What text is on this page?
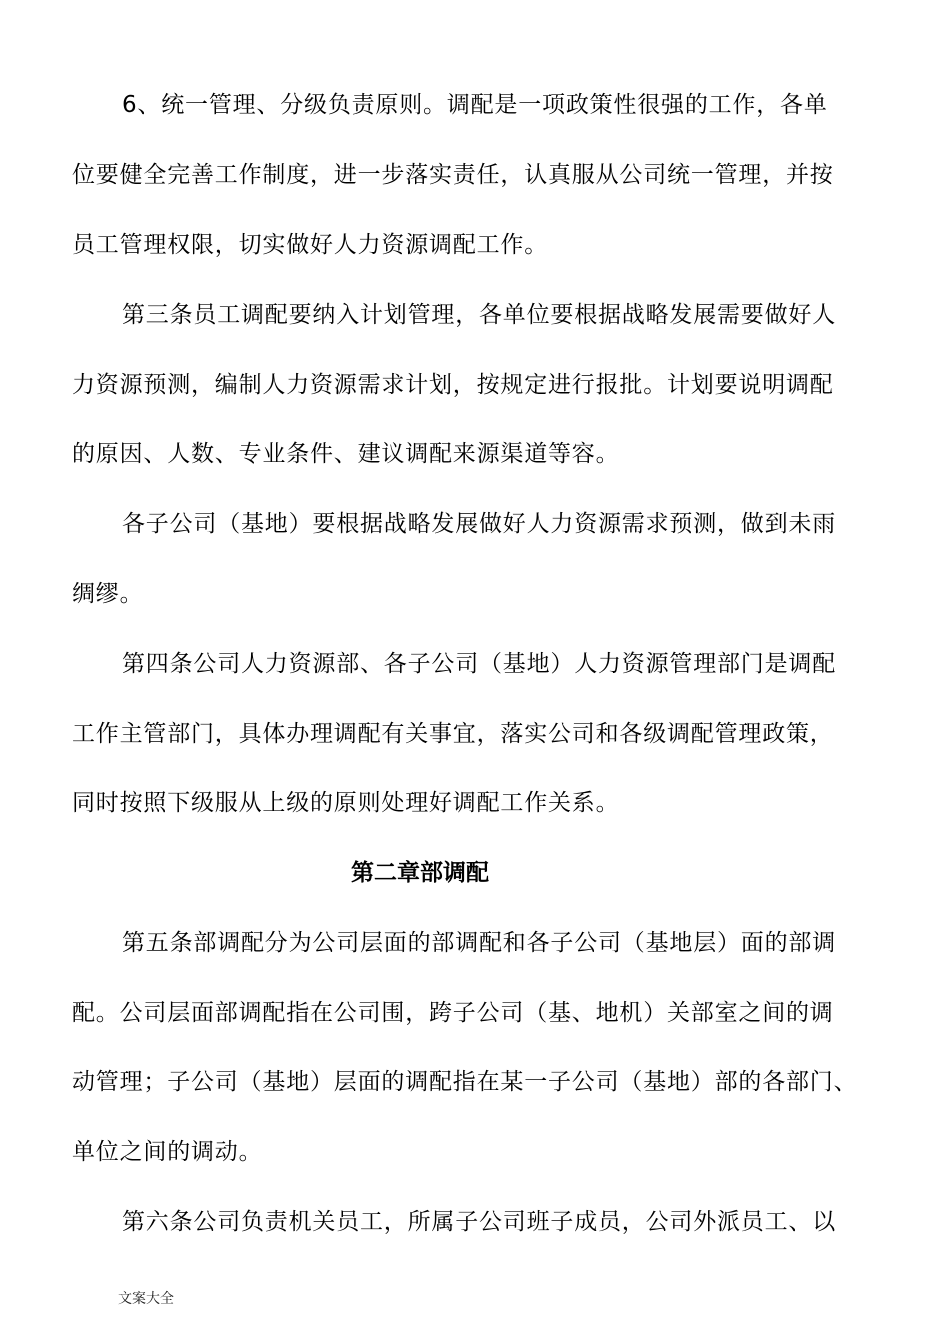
6、统一管理、分级负责原则。调配是一项政策性很强的工作，各单
位要健全完善工作制度，进一步落实责任，认真服从公司统一管理，并按
员工管理权限，切实做好人力资源调配工作。
第三条员工调配要纳入计划管理，各单位要根据战略发展需要做好人
力资源预测，编制人力资源需求计划，按规定进行报批。计划要说明调配
的原因、人数、专业条件、建议调配来源渠道等容。
各子公司（基地）要根据战略发展做好人力资源需求预测，做到未雨
绸缪。
第四条公司人力资源部、各子公司（基地）人力资源管理部门是调配
工作主管部门，具体办理调配有关事宜，落实公司和各级调配管理政策，
同时按照下级服从上级的原则处理好调配工作关系。
第二章部调配
第五条部调配分为公司层面的部调配和各子公司（基地层）面的部调
配。公司层面部调配指在公司围，跨子公司（基、地机）关部室之间的调
动管理；子公司（基地）层面的调配指在某一子公司（基地）部的各部门、
单位之间的调动。
第六条公司负责机关员工，所属子公司班子成员，公司外派员工、以
文案大全
